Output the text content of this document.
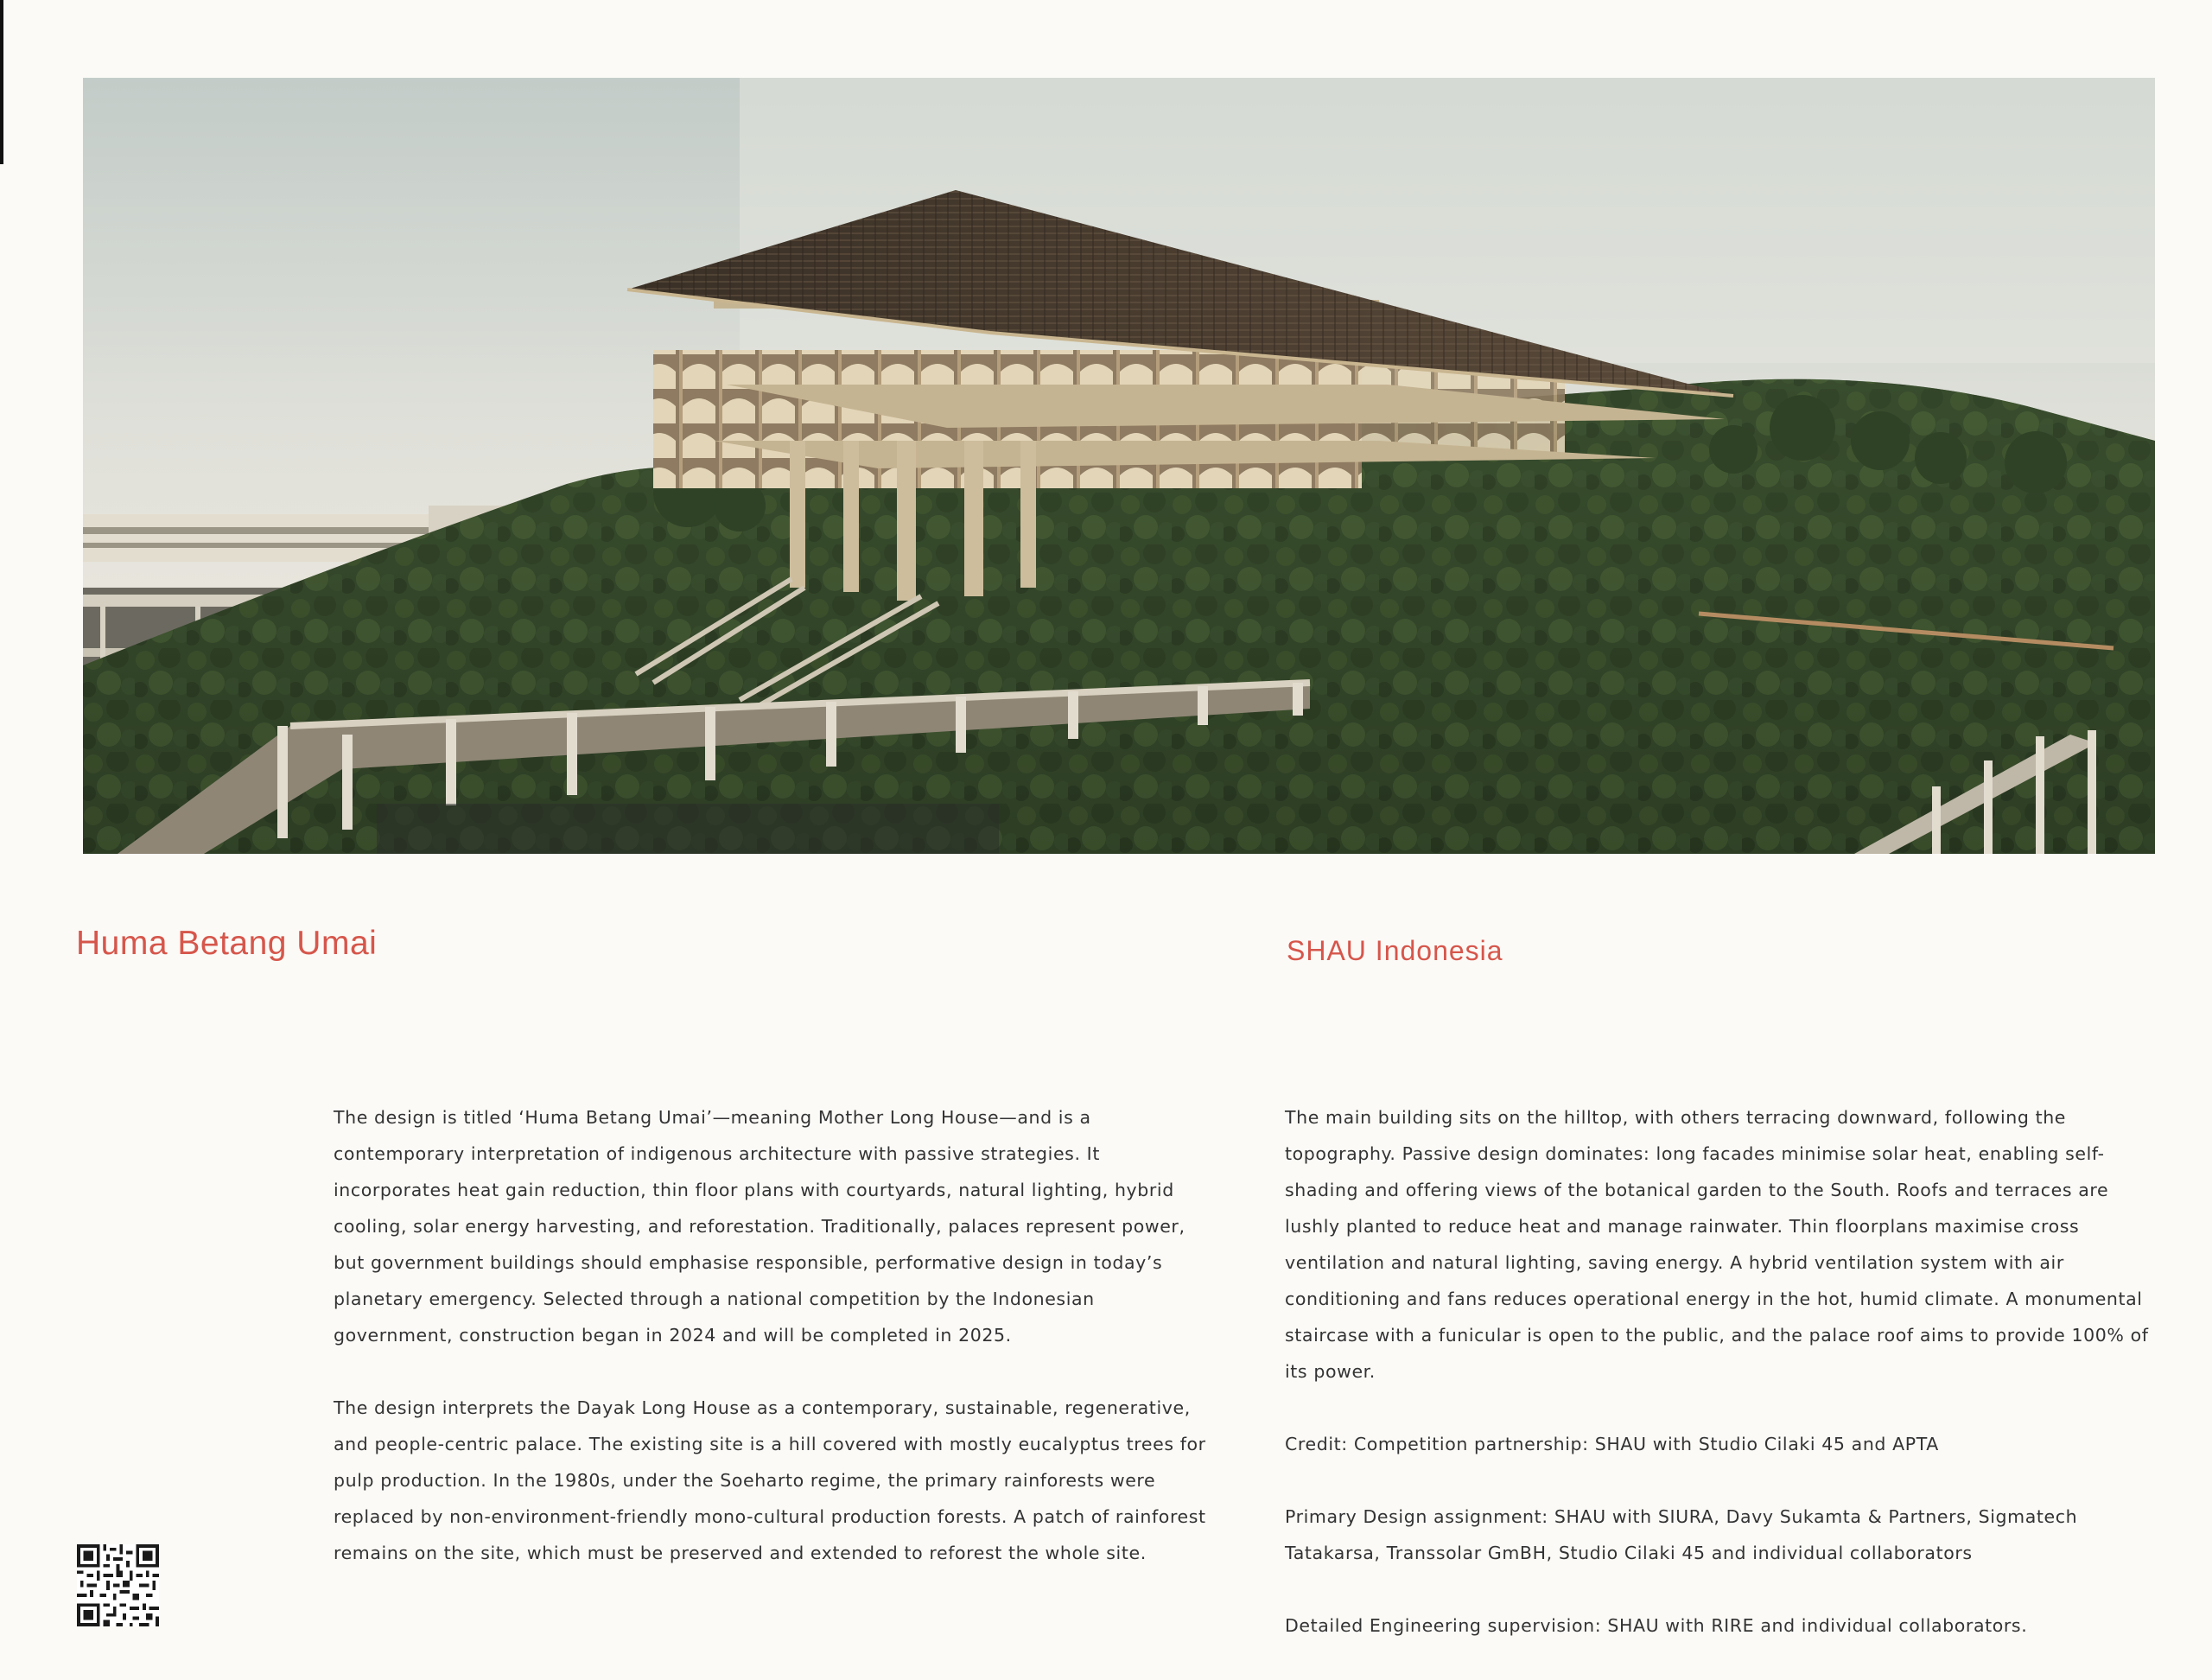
Huma Betang Umai	SHAU Indonesia

The design is titled ‘Huma Betang Umai’—meaning Mother Long House—and is a contemporary interpretation of indigenous architecture with passive strategies. It incorporates heat gain reduction, thin floor plans with courtyards, natural lighting, hybrid cooling, solar energy harvesting, and reforestation. Traditionally, palaces represent power, but government buildings should emphasise responsible, performative design in today’s planetary emergency. Selected through a national competition by the Indonesian government, construction began in 2024 and will be completed in 2025.

The design interprets the Dayak Long House as a contemporary, sustainable, regenerative, and people-centric palace. The existing site is a hill covered with mostly eucalyptus trees for pulp production. In the 1980s, under the Soeharto regime, the primary rainforests were replaced by non-environment-friendly mono-cultural production forests. A patch of rainforest remains on the site, which must be preserved and extended to reforest the whole site.

The main building sits on the hilltop, with others terracing downward, following the topography. Passive design dominates: long facades minimise solar heat, enabling self-shading and offering views of the botanical garden to the South. Roofs and terraces are lushly planted to reduce heat and manage rainwater. Thin floorplans maximise cross ventilation and natural lighting, saving energy. A hybrid ventilation system with air conditioning and fans reduces operational energy in the hot, humid climate. A monumental staircase with a funicular is open to the public, and the palace roof aims to provide 100% of its power.

Credit: Competition partnership: SHAU with Studio Cilaki 45 and APTA

Primary Design assignment: SHAU with SIURA, Davy Sukamta & Partners, Sigmatech Tatakarsa, Transsolar GmBH, Studio Cilaki 45 and individual collaborators

Detailed Engineering supervision: SHAU with RIRE and individual collaborators.
